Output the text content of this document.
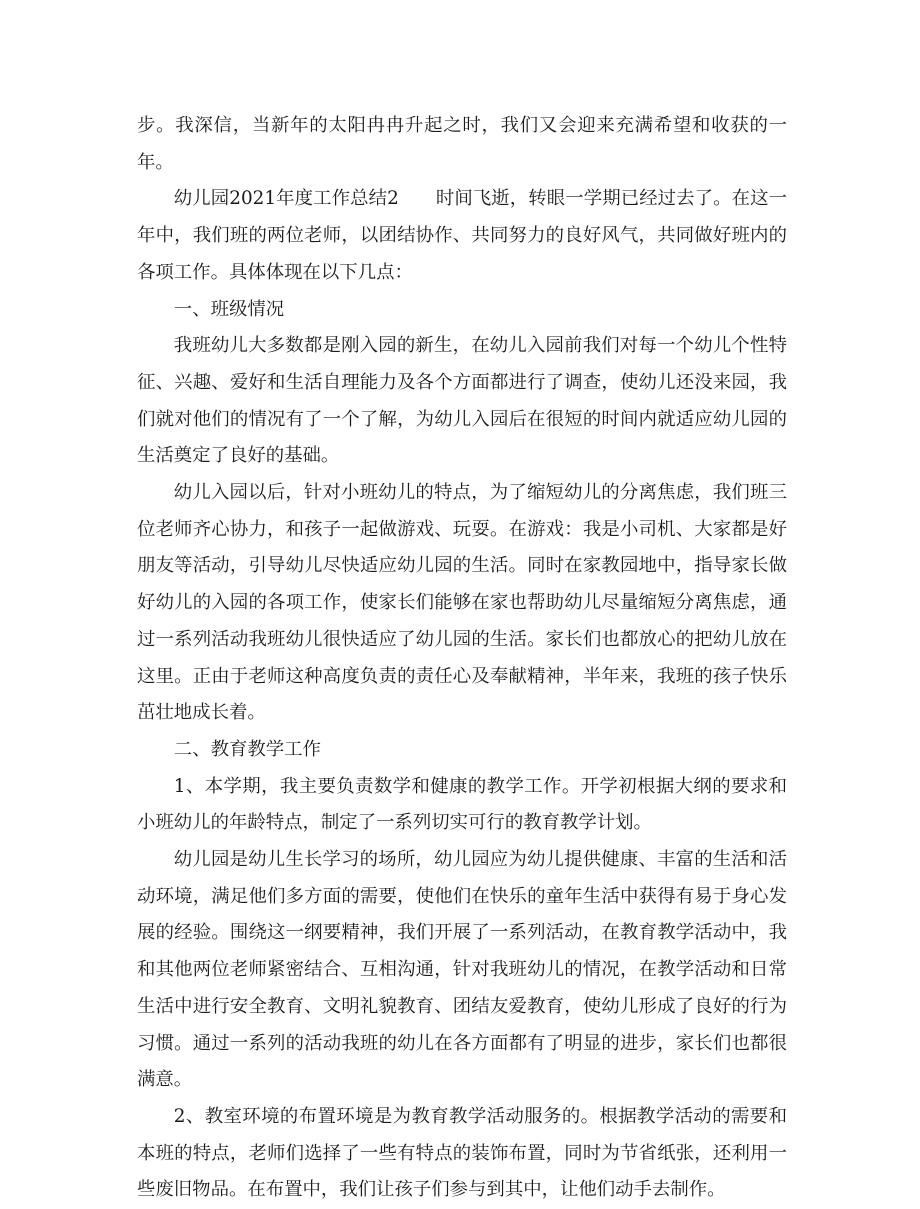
步。我深信，当新年的太阳冉冉升起之时，我们又会迎来充满希望和收获的一年。

幼儿园2021年度工作总结2　　时间飞逝，转眼一学期已经过去了。在这一年中，我们班的两位老师，以团结协作、共同努力的良好风气，共同做好班内的各项工作。具体体现在以下几点：

一、班级情况

我班幼儿大多数都是刚入园的新生，在幼儿入园前我们对每一个幼儿个性特征、兴趣、爱好和生活自理能力及各个方面都进行了调查，使幼儿还没来园，我们就对他们的情况有了一个了解，为幼儿入园后在很短的时间内就适应幼儿园的生活奠定了良好的基础。

幼儿入园以后，针对小班幼儿的特点，为了缩短幼儿的分离焦虑，我们班三位老师齐心协力，和孩子一起做游戏、玩耍。在游戏：我是小司机、大家都是好朋友等活动，引导幼儿尽快适应幼儿园的生活。同时在家教园地中，指导家长做好幼儿的入园的各项工作，使家长们能够在家也帮助幼儿尽量缩短分离焦虑，通过一系列活动我班幼儿很快适应了幼儿园的生活。家长们也都放心的把幼儿放在这里。正由于老师这种高度负责的责任心及奉献精神，半年来，我班的孩子快乐茁壮地成长着。

二、教育教学工作

1、本学期，我主要负责数学和健康的教学工作。开学初根据大纲的要求和小班幼儿的年龄特点，制定了一系列切实可行的教育教学计划。

幼儿园是幼儿生长学习的场所，幼儿园应为幼儿提供健康、丰富的生活和活动环境，满足他们多方面的需要，使他们在快乐的童年生活中获得有易于身心发展的经验。围绕这一纲要精神，我们开展了一系列活动，在教育教学活动中，我和其他两位老师紧密结合、互相沟通，针对我班幼儿的情况，在教学活动和日常生活中进行安全教育、文明礼貌教育、团结友爱教育，使幼儿形成了良好的行为习惯。通过一系列的活动我班的幼儿在各方面都有了明显的进步，家长们也都很满意。

2、教室环境的布置环境是为教育教学活动服务的。根据教学活动的需要和本班的特点，老师们选择了一些有特点的装饰布置，同时为节省纸张，还利用一些废旧物品。在布置中，我们让孩子们参与到其中，让他们动手去制作。
